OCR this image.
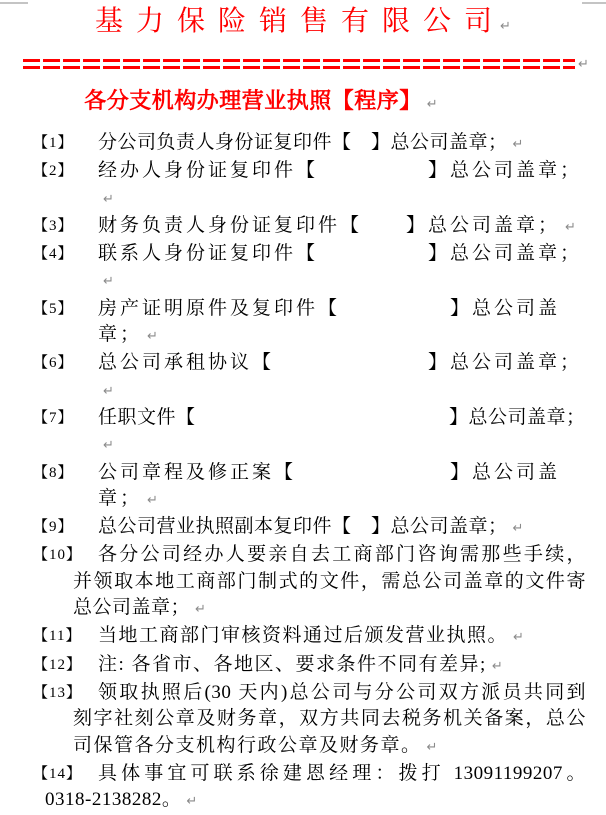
基 力 保 险 销 售 有 限 公 司 ↵
↵
各分支机构办理营业执照【程序】 ↵
【1】	分公司负责人身份证复印件【　】总公司盖章； ↵
【2】	经办人身份证复印件【　　　　　】总公司盖章；↵
【3】	财务负责人身份证复印件【　　】总公司盖章； ↵
【4】	联系人身份证复印件【　　　　　】总公司盖章；↵
【5】	房产证明原件及复印件【　　　　　】总公司盖章； ↵
【6】	总公司承租协议【　　　　　　　】总公司盖章；↵
【7】	任职文件【　　　　　　　　　　　　　】总公司盖章；↵
【8】	公司章程及修正案【　　　　　　　】总公司盖章； ↵
【9】	总公司营业执照副本复印件【　】总公司盖章； ↵
【10】 各分公司经办人要亲自去工商部门咨询需那些手续，
并领取本地工商部门制式的文件，需总公司盖章的文件寄
总公司盖章； ↵
【11】 当地工商部门审核资料通过后颁发营业执照。 ↵
【12】 注: 各省市、各地区、要求条件不同有差异; ↵
【13】 领取执照后(30 天内)总公司与分公司双方派员共同到
刻字社刻公章及财务章，双方共同去税务机关备案，总公
司保管各分支机构行政公章及财务章。 ↵
【14】 具体事宜可联系徐建恩经理：拨打 13091199207。
0318-2138282。 ↵
